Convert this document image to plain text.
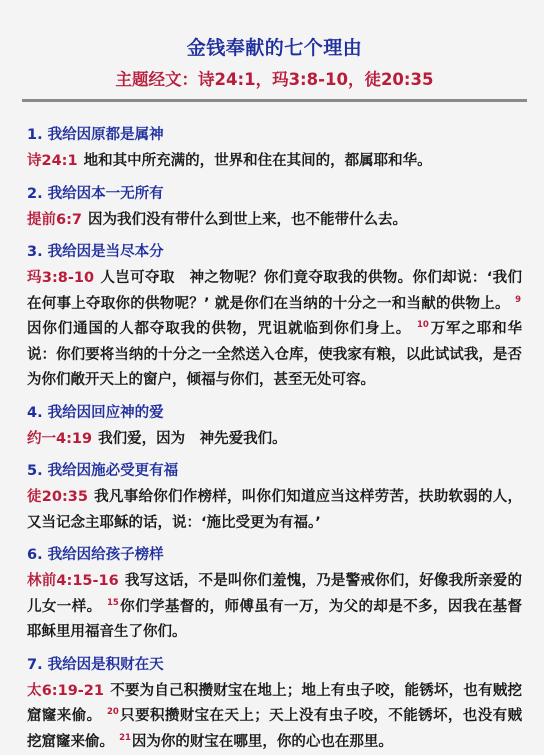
金钱奉献的七个理由
主题经文：诗24:1，玛3:8-10，徒20:35
1. 我给因原都是属神
诗24:1 地和其中所充满的，世界和住在其间的，都属耶和华。
2. 我给因本一无所有
提前6:7 因为我们没有带什么到世上来，也不能带什么去。
3. 我给因是当尽本分
玛3:8-10 人岂可夺取　神之物呢？你们竟夺取我的供物。你们却说：‘我们在何事上夺取你的供物呢？’ 就是你们在当纳的十分之一和当献的供物上。 $^9$因你们通国的人都夺取我的供物，咒诅就临到你们身上。 $^{10}$万军之耶和华说：你们要将当纳的十分之一全然送入仓库，使我家有粮，以此试试我，是否为你们敞开天上的窗户，倾福与你们，甚至无处可容。
4. 我给因回应神的爱
约一4:19 我们爱，因为　神先爱我们。
5. 我给因施必受更有福
徒20:35 我凡事给你们作榜样，叫你们知道应当这样劳苦，扶助软弱的人，又当记念主耶稣的话，说：‘施比受更为有福。’
6. 我给因给孩子榜样
林前4:15-16 我写这话，不是叫你们羞愧，乃是警戒你们，好像我所亲爱的儿女一样。 $^{15}$你们学基督的，师傅虽有一万，为父的却是不多，因我在基督耶稣里用福音生了你们。
7. 我给因是积财在天
太6:19-21 不要为自己积攒财宝在地上；地上有虫子咬，能锈坏，也有贼挖窟窿来偷。 $^{20}$只要积攒财宝在天上；天上没有虫子咬，不能锈坏，也没有贼挖窟窿来偷。 $^{21}$因为你的财宝在哪里，你的心也在那里。
